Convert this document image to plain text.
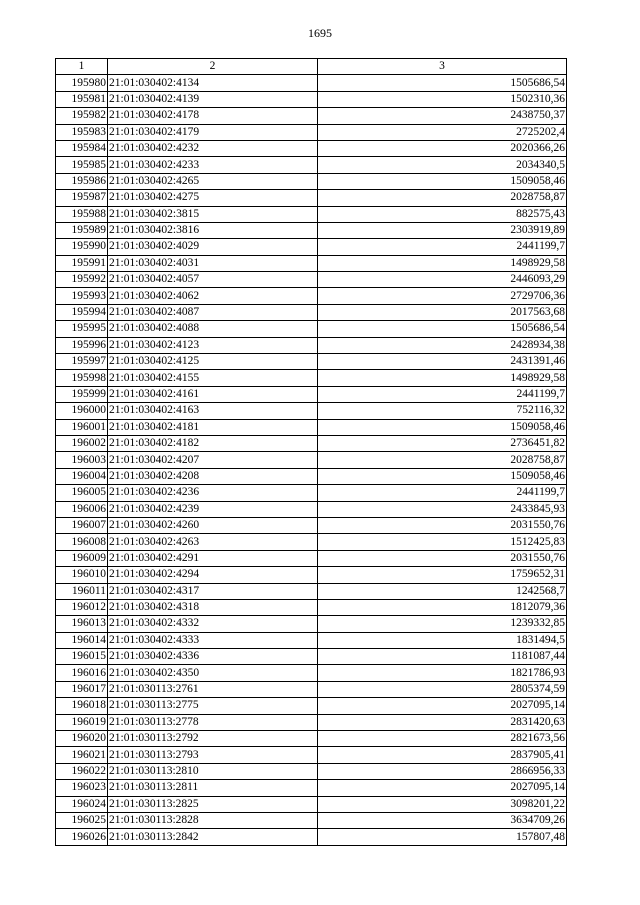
1695
1	2	3
195980	21:01:030402:4134	1505686,54
195981	21:01:030402:4139	1502310,36
195982	21:01:030402:4178	2438750,37
195983	21:01:030402:4179	2725202,4
195984	21:01:030402:4232	2020366,26
195985	21:01:030402:4233	2034340,5
195986	21:01:030402:4265	1509058,46
195987	21:01:030402:4275	2028758,87
195988	21:01:030402:3815	882575,43
195989	21:01:030402:3816	2303919,89
195990	21:01:030402:4029	2441199,7
195991	21:01:030402:4031	1498929,58
195992	21:01:030402:4057	2446093,29
195993	21:01:030402:4062	2729706,36
195994	21:01:030402:4087	2017563,68
195995	21:01:030402:4088	1505686,54
195996	21:01:030402:4123	2428934,38
195997	21:01:030402:4125	2431391,46
195998	21:01:030402:4155	1498929,58
195999	21:01:030402:4161	2441199,7
196000	21:01:030402:4163	752116,32
196001	21:01:030402:4181	1509058,46
196002	21:01:030402:4182	2736451,82
196003	21:01:030402:4207	2028758,87
196004	21:01:030402:4208	1509058,46
196005	21:01:030402:4236	2441199,7
196006	21:01:030402:4239	2433845,93
196007	21:01:030402:4260	2031550,76
196008	21:01:030402:4263	1512425,83
196009	21:01:030402:4291	2031550,76
196010	21:01:030402:4294	1759652,31
196011	21:01:030402:4317	1242568,7
196012	21:01:030402:4318	1812079,36
196013	21:01:030402:4332	1239332,85
196014	21:01:030402:4333	1831494,5
196015	21:01:030402:4336	1181087,44
196016	21:01:030402:4350	1821786,93
196017	21:01:030113:2761	2805374,59
196018	21:01:030113:2775	2027095,14
196019	21:01:030113:2778	2831420,63
196020	21:01:030113:2792	2821673,56
196021	21:01:030113:2793	2837905,41
196022	21:01:030113:2810	2866956,33
196023	21:01:030113:2811	2027095,14
196024	21:01:030113:2825	3098201,22
196025	21:01:030113:2828	3634709,26
196026	21:01:030113:2842	157807,48
